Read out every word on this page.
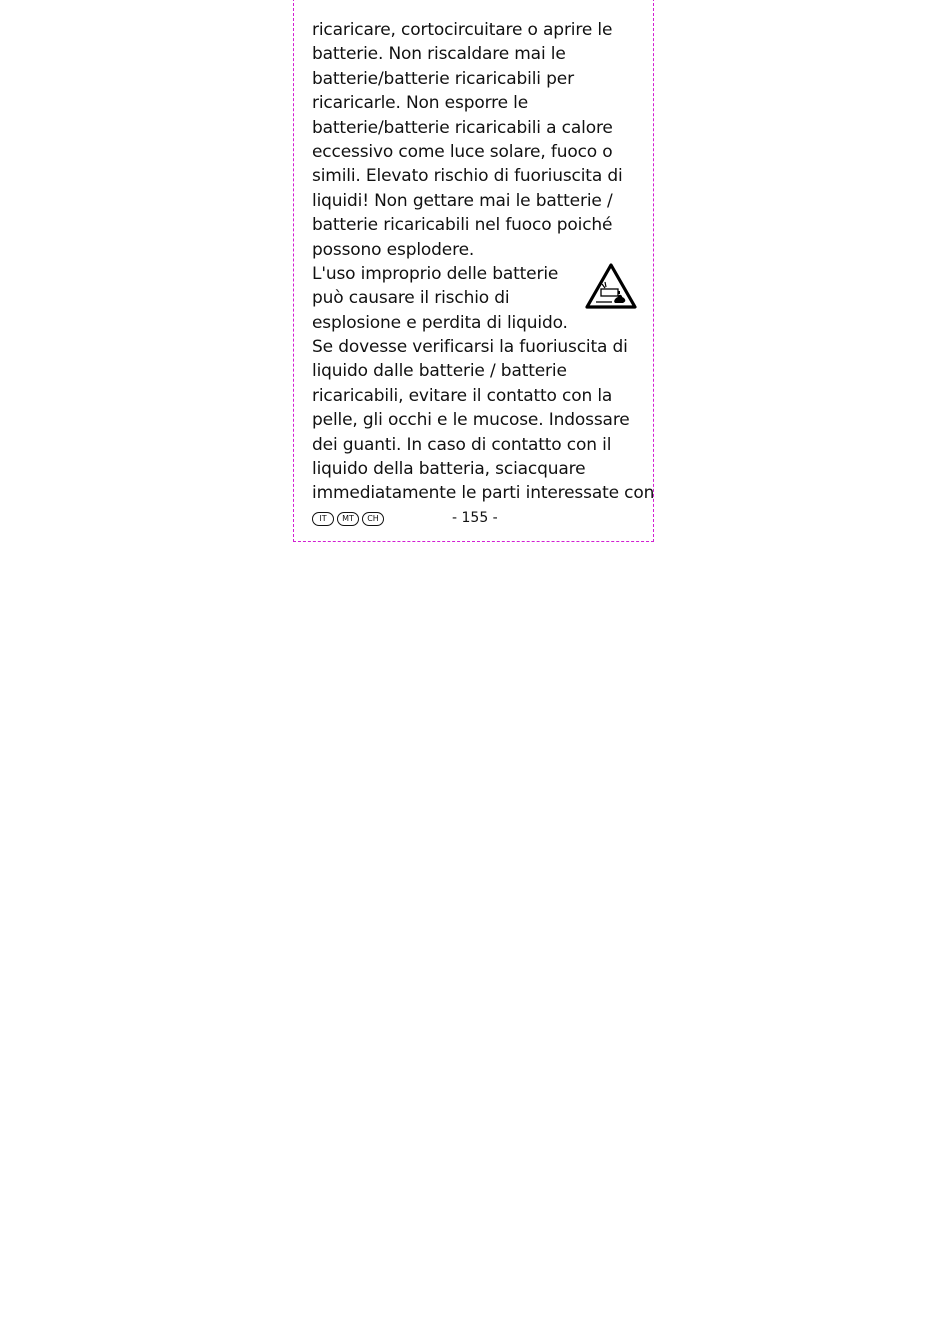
ricaricare, cortocircuitare o aprire le
batterie. Non riscaldare mai le
batterie/batterie ricaricabili per
ricaricarle. Non esporre le
batterie/batterie ricaricabili a calore
eccessivo come luce solare, fuoco o
simili. Elevato rischio di fuoriuscita di
liquidi! Non gettare mai le batterie /
batterie ricaricabili nel fuoco poiché
possono esplodere.
L'uso improprio delle batterie
può causare il rischio di
esplosione e perdita di liquido.
Se dovesse verificarsi la fuoriuscita di
liquido dalle batterie / batterie
ricaricabili, evitare il contatto con la
pelle, gli occhi e le mucose. Indossare
dei guanti. In caso di contatto con il
liquido della batteria, sciacquare
immediatamente le parti interessate con
IT	MT	CH	- 155 -
